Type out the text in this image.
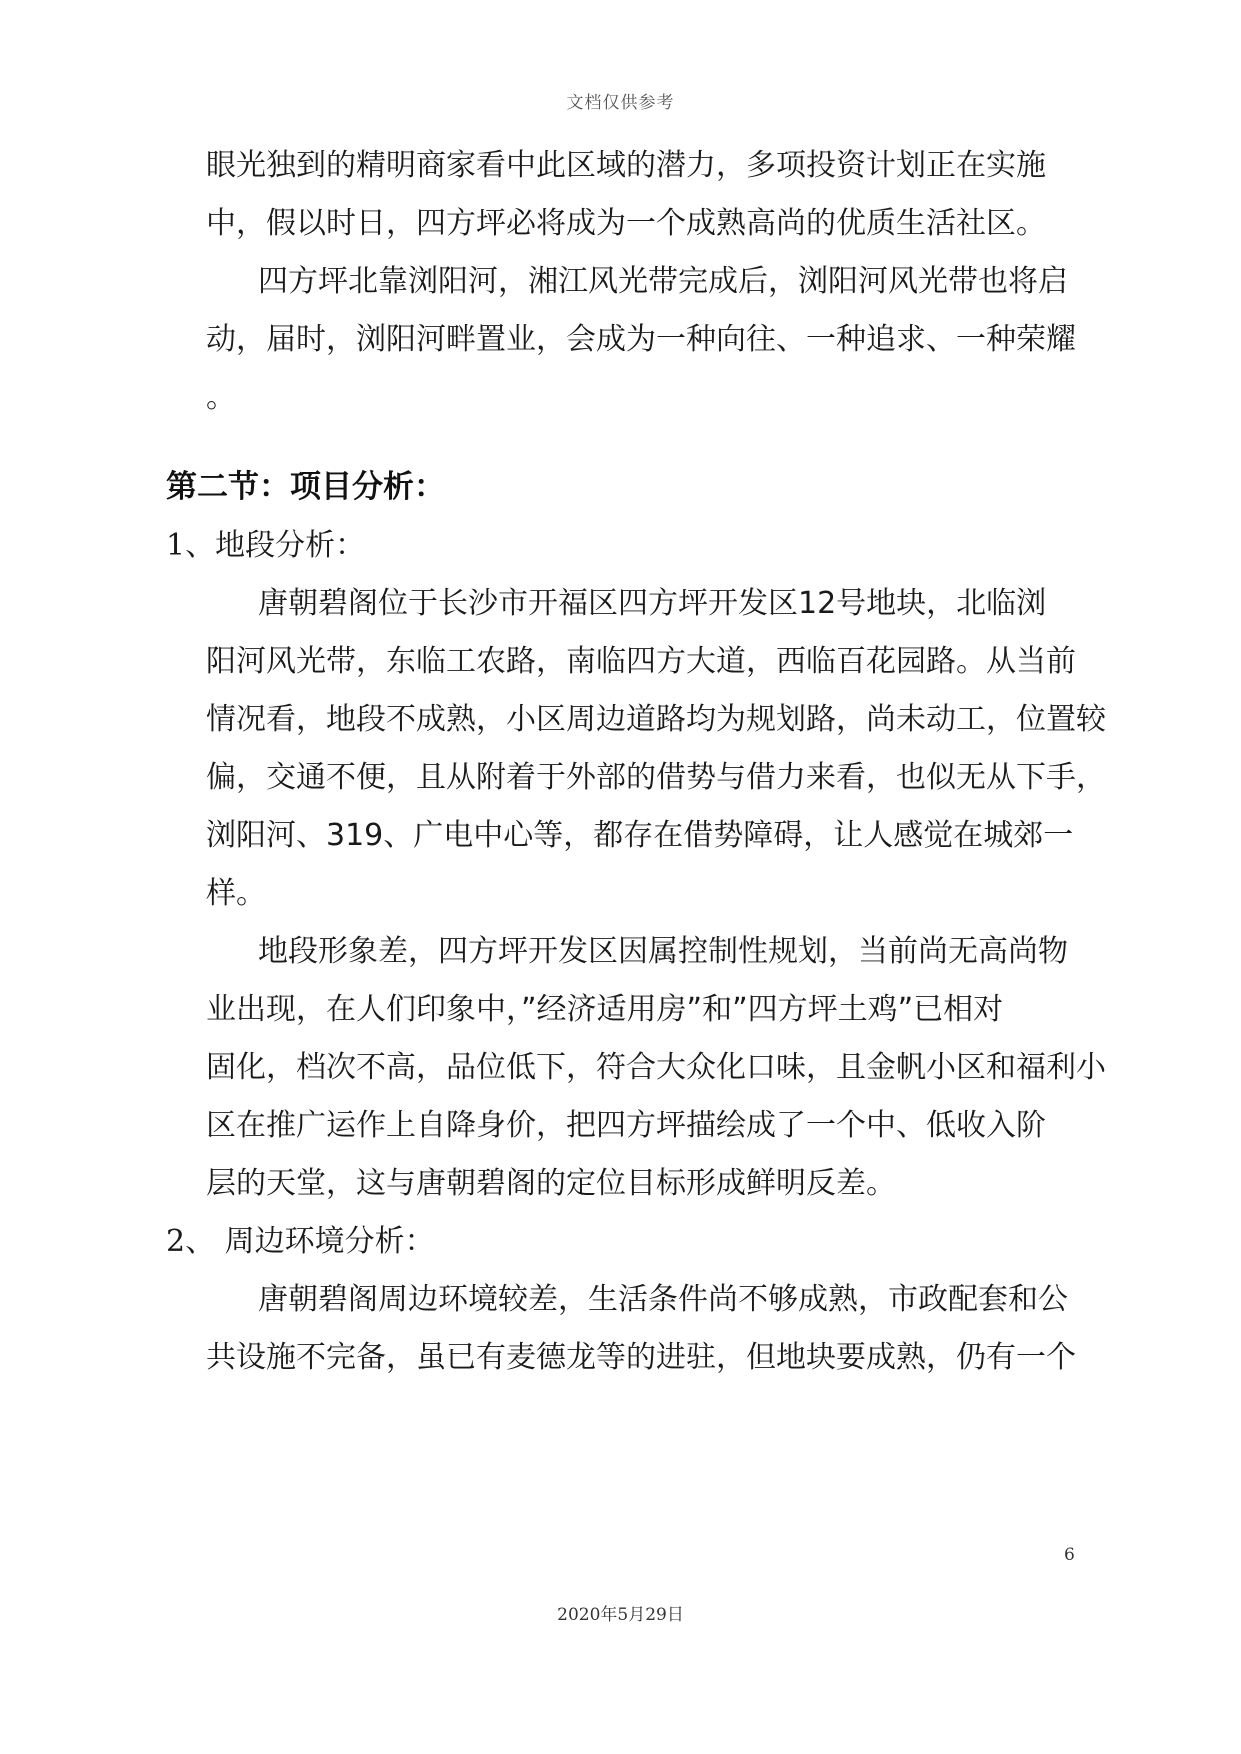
文档仅供参考
眼光独到的精明商家看中此区域的潜力，多项投资计划正在实施
中，假以时日，四方坪必将成为一个成熟高尚的优质生活社区。
四方坪北靠浏阳河，湘江风光带完成后，浏阳河风光带也将启
动，届时，浏阳河畔置业，会成为一种向往、一种追求、一种荣耀
。
第二节：项目分析：
1、地段分析：
唐朝碧阁位于长沙市开福区四方坪开发区12号地块，北临浏
阳河风光带，东临工农路，南临四方大道，西临百花园路。从当前
情况看，地段不成熟，小区周边道路均为规划路，尚未动工，位置较
偏，交通不便，且从附着于外部的借势与借力来看，也似无从下手，
浏阳河、319、广电中心等，都存在借势障碍，让人感觉在城郊一
样。
地段形象差，四方坪开发区因属控制性规划，当前尚无高尚物
业出现，在人们印象中，”经济适用房”和”四方坪土鸡”已相对
固化，档次不高，品位低下，符合大众化口味，且金帆小区和福利小
区在推广运作上自降身价，把四方坪描绘成了一个中、低收入阶
层的天堂，这与唐朝碧阁的定位目标形成鲜明反差。
2、 周边环境分析：
唐朝碧阁周边环境较差，生活条件尚不够成熟，市政配套和公
共设施不完备，虽已有麦德龙等的进驻，但地块要成熟，仍有一个
6
2020年5月29日
